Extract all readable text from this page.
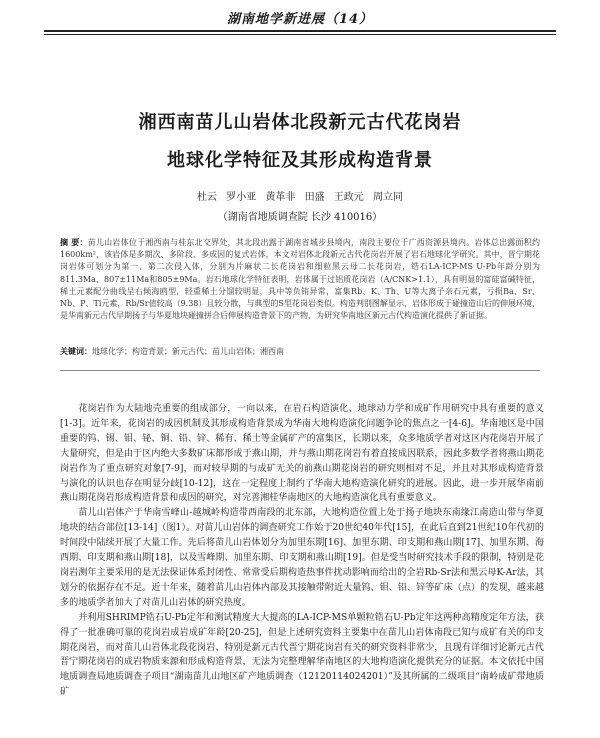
湖南地学新进展（14）
湘西南苗儿山岩体北段新元古代花岗岩
地球化学特征及其形成构造背景
杜云 罗小亚 黄革非 田盛 王政元 周立同
（湖南省地质调查院 长沙 410016）
摘 要：苗儿山岩体位于湘西南与桂东北交界处，其北段出露于湖南省城步县境内，南段主要位于广西资源县境内。岩体总出露面积约1600km²，该岩体是多期次、多阶段、多成因的复式岩体，本文对岩体北段新元古代花岗岩开展了岩石地球化学研究。其中，晋宁期花岗岩体可划分为第一、第二次侵入体，分别为片麻状二长花岗岩和细粒黑云母二长花岗岩，锆石LA-ICP-MS U-Pb年龄分别为811.3Ma、807±11Ma和805±9Ma。岩石地球化学特征表明，岩体属于过铝质花岗岩（A/CNK>1.1），具有明显的富硅富碱特征，稀土元素配分曲线呈右倾海鸥型，轻重稀土分馏较明显，具中等负铕异常，富集Rb、K、Th、U等大离子亲石元素，亏损Ba、Sr、Nb、P、Ti元素，Rb/Sr值较高（9.38）且较分散，与典型的S型花岗岩类似。构造判别图解显示，岩体形成于碰撞造山后的伸展环境，是华南新元古代早期扬子与华夏地块碰撞拼合后伸展构造背景下的产物，为研究华南地区新元古代构造演化提供了新证据。
关键词：地球化学；构造背景；新元古代；苗儿山岩体；湘西南

花岗岩作为大陆地壳重要的组成部分，一向以来，在岩石构造演化、地球动力学和成矿作用研究中具有重要的意义[1-3]。近年来，花岗岩的成因机制及其形成构造背景成为华南大地构造演化问题争论的焦点之一[4-6]。华南地区是中国重要的钨、锡、钼、铋、铜、铅、锌、稀有、稀土等金属矿产的富集区，长期以来，众多地质学者对这区内花岗岩开展了大量研究，但是由于区内绝大多数矿床都形成于燕山期，并与燕山期花岗岩有着直接成因联系，因此多数学者将燕山期花岗岩作为了重点研究对象[7-9]，而对较早期的与成矿无关的前燕山期花岗岩的研究则相对不足，并且对其形成构造背景与演化的认识也存在明显分歧[10-12]，这在一定程度上制约了华南大地构造演化研究的进展。因此，进一步开展华南前燕山期花岗岩形成构造背景和成因的研究，对完善湘桂华南地区的大地构造演化具有重要意义。

苗儿山岩体产于华南雪峰山-越城岭构造带西南段的北东部，大地构造位置上处于扬子地块东南缘江南造山带与华夏地块的结合部位[13-14]（图1）。对苗儿山岩体的调查研究工作始于20世纪40年代[15]，在此后直到21世纪10年代初的时间段中陆续开展了大量工作。先后将苗儿山岩体划分为加里东期[16]、加里东期、印支期和燕山期[17]、加里东期、海西期、印支期和燕山期[18]，以及雪峰期、加里东期、印支期和燕山期[19]。但是受当时研究技术手段的限制，特别是花岗岩测年主要采用的是无法保证体系封闭性、常常受后期构造热事件扰动影响而给出的全岩Rb-Sr法和黑云母K-Ar法，其划分的依据存在不足。近十年来，随着苗儿山岩体内部及其接触带附近大量钨、钼、铅、锌等矿床（点）的发现，越来越多的地质学者加大了对苗儿山岩体的研究热度。

并利用SHRIMP锆石U-Pb定年和测试精度大大提高的LA-ICP-MS单颗粒锆石U-Pb定年这两种高精度定年方法，获得了一批准确可靠的花岗岩成岩成矿年龄[20-25]，但是上述研究资料主要集中在苗儿山岩体南段已知与成矿有关的印支期花岗岩，而对苗儿山岩体北段花岗岩、特别是新元古代晋宁期花岗岩有关的研究资料非常少，且现有详细讨论新元古代晋宁期花岗岩的成岩物质来源和形成构造背景，无法为完整理解华南地区的大地构造演化提供充分的证据。本文依托中国地质调查局地质调查子项目“湖南苗儿山地区矿产地质调查（12120114024201）”及其所属的二级项目“南岭成矿带地质矿
